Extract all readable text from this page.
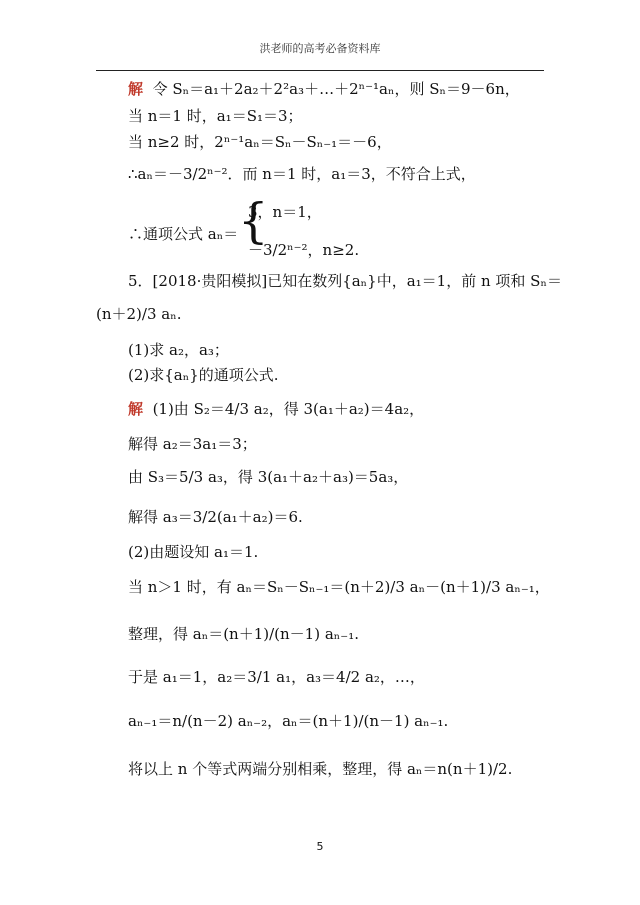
洪老师的高考必备资料库
解 令 Sₙ＝a₁＋2a₂＋2²a₃＋…＋2ⁿ⁻¹aₙ，则 Sₙ＝9－6n，
当 n＝1 时，a₁＝S₁＝3；
当 n≥2 时，2ⁿ⁻¹aₙ＝Sₙ－Sₙ₋₁＝－6，
∴aₙ＝－3/2ⁿ⁻²．而 n＝1 时，a₁＝3，不符合上式，
3，n＝1，
∴通项公式 aₙ＝ {
－3/2ⁿ⁻²，n≥2.
5．[2018·贵阳模拟]已知在数列{aₙ}中，a₁＝1，前 n 项和 Sₙ＝
(n＋2)/3 aₙ.
(1)求 a₂，a₃；
(2)求{aₙ}的通项公式.
解 (1)由 S₂＝4/3 a₂，得 3(a₁＋a₂)＝4a₂，
解得 a₂＝3a₁＝3；
由 S₃＝5/3 a₃，得 3(a₁＋a₂＋a₃)＝5a₃，
解得 a₃＝3/2(a₁＋a₂)＝6.
(2)由题设知 a₁＝1.
当 n＞1 时，有 aₙ＝Sₙ－Sₙ₋₁＝(n＋2)/3 aₙ－(n＋1)/3 aₙ₋₁，
整理，得 aₙ＝(n＋1)/(n－1) aₙ₋₁.
于是 a₁＝1，a₂＝3/1 a₁，a₃＝4/2 a₂，…，
aₙ₋₁＝n/(n－2) aₙ₋₂，aₙ＝(n＋1)/(n－1) aₙ₋₁.
将以上 n 个等式两端分别相乘，整理，得 aₙ＝n(n＋1)/2.
5
